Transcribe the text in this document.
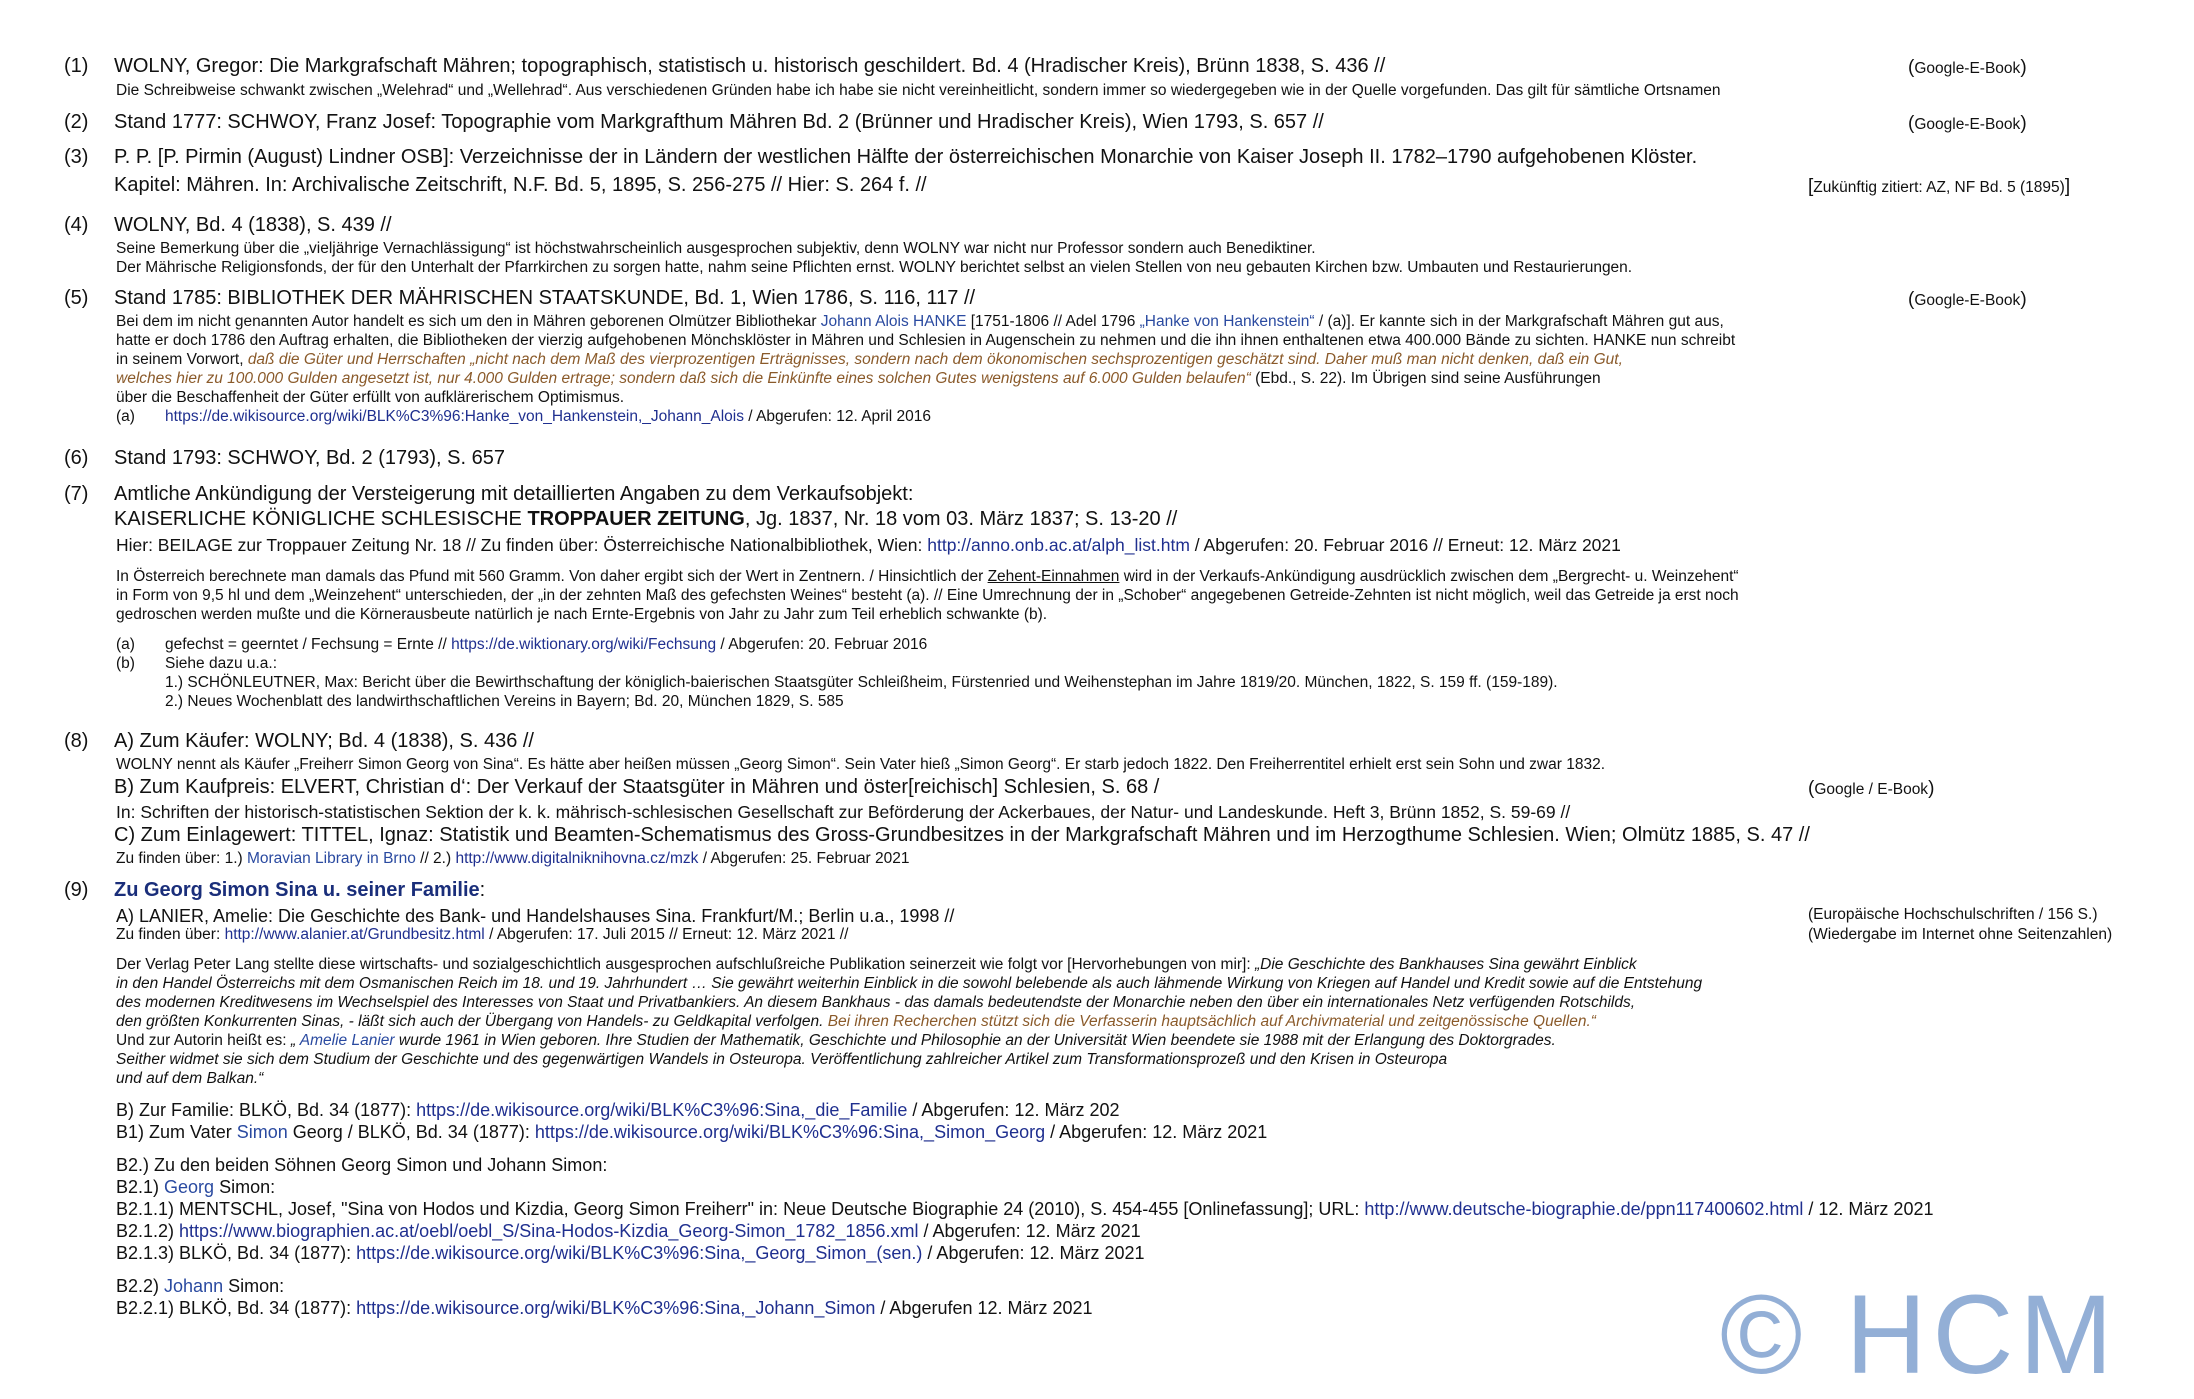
(1) WOLNY, Gregor: Die Markgrafschaft Mähren; topographisch, statistisch u. historisch geschildert. Bd. 4 (Hradischer Kreis), Brünn 1838, S. 436 //	(Google-E-Book)
Die Schreibweise schwankt zwischen „Welehrad“ und „Wellehrad“. Aus verschiedenen Gründen habe ich habe sie nicht vereinheitlicht, sondern immer so wiedergegeben wie in der Quelle vorgefunden. Das gilt für sämtliche Ortsnamen
(2) Stand 1777: SCHWOY, Franz Josef: Topographie vom Markgrafthum Mähren Bd. 2 (Brünner und Hradischer Kreis), Wien 1793, S. 657 //	(Google-E-Book)
(3) P. P. [P. Pirmin (August) Lindner OSB]: Verzeichnisse der in Ländern der westlichen Hälfte der österreichischen Monarchie von Kaiser Joseph II. 1782–1790 aufgehobenen Klöster.
Kapitel: Mähren. In: Archivalische Zeitschrift, N.F. Bd. 5, 1895, S. 256-275 // Hier: S. 264 f. //	[Zukünftig zitiert: AZ, NF Bd. 5 (1895)]
(4) WOLNY, Bd. 4 (1838), S. 439 //
Seine Bemerkung über die „vieljährige Vernachlässigung“ ist höchstwahrscheinlich ausgesprochen subjektiv, denn WOLNY war nicht nur Professor sondern auch Benediktiner.
Der Mährische Religionsfonds, der für den Unterhalt der Pfarrkirchen zu sorgen hatte, nahm seine Pflichten ernst. WOLNY berichtet selbst an vielen Stellen von neu gebauten Kirchen bzw. Umbauten und Restaurierungen.
(5) Stand 1785: BIBLIOTHEK DER MÄHRISCHEN STAATSKUNDE, Bd. 1, Wien 1786, S. 116, 117 //	(Google-E-Book)
Bei dem im nicht genannten Autor handelt es sich um den in Mähren geborenen Olmützer Bibliothekar Johann Alois HANKE [1751-1806 // Adel 1796 „Hanke von Hankenstein“ / (a)]. Er kannte sich in der Markgrafschaft Mähren gut aus,
hatte er doch 1786 den Auftrag erhalten, die Bibliotheken der vierzig aufgehobenen Mönchsklöster in Mähren und Schlesien in Augenschein zu nehmen und die ihn ihnen enthaltenen etwa 400.000 Bände zu sichten. HANKE nun schreibt
in seinem Vorwort, daß die Güter und Herrschaften „nicht nach dem Maß des vierprozentigen Erträgnisses, sondern nach dem ökonomischen sechsprozentigen geschätzt sind. Daher muß man nicht denken, daß ein Gut,
welches hier zu 100.000 Gulden angesetzt ist, nur 4.000 Gulden ertrage; sondern daß sich die Einkünfte eines solchen Gutes wenigstens auf 6.000 Gulden belaufen“ (Ebd., S. 22). Im Übrigen sind seine Ausführungen
über die Beschaffenheit der Güter erfüllt von aufklärerischem Optimismus.
(a) https://de.wikisource.org/wiki/BLK%C3%96:Hanke_von_Hankenstein,_Johann_Alois / Abgerufen: 12. April 2016
(6) Stand 1793: SCHWOY, Bd. 2 (1793), S. 657
(7) Amtliche Ankündigung der Versteigerung mit detaillierten Angaben zu dem Verkaufsobjekt:
KAISERLICHE KÖNIGLICHE SCHLESISCHE TROPPAUER ZEITUNG, Jg. 1837, Nr. 18 vom 03. März 1837; S. 13-20 //
Hier: BEILAGE zur Troppauer Zeitung Nr. 18 // Zu finden über: Österreichische Nationalbibliothek, Wien: http://anno.onb.ac.at/alph_list.htm / Abgerufen: 20. Februar 2016 // Erneut: 12. März 2021
In Österreich berechnete man damals das Pfund mit 560 Gramm. Von daher ergibt sich der Wert in Zentnern. / Hinsichtlich der Zehent-Einnahmen wird in der Verkaufs-Ankündigung ausdrücklich zwischen dem „Bergrecht- u. Weinzehent“
in Form von 9,5 hl und dem „Weinzehent“ unterschieden, der „in der zehnten Maß des gefechsten Weines“ besteht (a). // Eine Umrechnung der in „Schober“ angegebenen Getreide-Zehnten ist nicht möglich, weil das Getreide ja erst noch
gedroschen werden mußte und die Körnerausbeute natürlich je nach Ernte-Ergebnis von Jahr zu Jahr zum Teil erheblich schwankte (b).
(a) gefechst = geerntet / Fechsung = Ernte // https://de.wiktionary.org/wiki/Fechsung / Abgerufen: 20. Februar 2016
(b) Siehe dazu u.a.:
1.) SCHÖNLEUTNER, Max: Bericht über die Bewirthschaftung der königlich-baierischen Staatsgüter Schleißheim, Fürstenried und Weihenstephan im Jahre 1819/20. München, 1822, S. 159 ff. (159-189).
2.) Neues Wochenblatt des landwirthschaftlichen Vereins in Bayern; Bd. 20, München 1829, S. 585
(8) A) Zum Käufer: WOLNY; Bd. 4 (1838), S. 436 //
WOLNY nennt als Käufer „Freiherr Simon Georg von Sina“. Es hätte aber heißen müssen „Georg Simon“. Sein Vater hieß „Simon Georg“. Er starb jedoch 1822. Den Freiherrentitel erhielt erst sein Sohn und zwar 1832.
B) Zum Kaufpreis: ELVERT, Christian d‘: Der Verkauf der Staatsgüter in Mähren und öster[reichisch] Schlesien, S. 68 /	(Google / E-Book)
In: Schriften der historisch-statistischen Sektion der k. k. mährisch-schlesischen Gesellschaft zur Beförderung der Ackerbaues, der Natur- und Landeskunde. Heft 3, Brünn 1852, S. 59-69 //
C) Zum Einlagewert: TITTEL, Ignaz: Statistik und Beamten-Schematismus des Gross-Grundbesitzes in der Markgrafschaft Mähren und im Herzogthume Schlesien. Wien; Olmütz 1885, S. 47 //
Zu finden über: 1.) Moravian Library in Brno // 2.) http://www.digitalniknihovna.cz/mzk / Abgerufen: 25. Februar 2021
(9) Zu Georg Simon Sina u. seiner Familie:
A) LANIER, Amelie: Die Geschichte des Bank- und Handelshauses Sina. Frankfurt/M.; Berlin u.a., 1998 //	(Europäische Hochschulschriften / 156 S.)
(Wiedergabe im Internet ohne Seitenzahlen)
Zu finden über: http://www.alanier.at/Grundbesitz.html / Abgerufen: 17. Juli 2015 // Erneut: 12. März 2021 //
Der Verlag Peter Lang stellte diese wirtschafts- und sozialgeschichtlich ausgesprochen aufschlußreiche Publikation seinerzeit wie folgt vor [Hervorhebungen von mir]: „Die Geschichte des Bankhauses Sina gewährt Einblick
in den Handel Österreichs mit dem Osmanischen Reich im 18. und 19. Jahrhundert … Sie gewährt weiterhin Einblick in die sowohl belebende als auch lähmende Wirkung von Kriegen auf Handel und Kredit sowie auf die Entstehung
des modernen Kreditwesens im Wechselspiel des Interesses von Staat und Privatbankiers. An diesem Bankhaus - das damals bedeutendste der Monarchie neben den über ein internationales Netz verfügenden Rotschilds,
den größten Konkurrenten Sinas, - läßt sich auch der Übergang von Handels- zu Geldkapital verfolgen. Bei ihren Recherchen stützt sich die Verfasserin hauptsächlich auf Archivmaterial und zeitgenössische Quellen.“
Und zur Autorin heißt es: „ Amelie Lanier wurde 1961 in Wien geboren. Ihre Studien der Mathematik, Geschichte und Philosophie an der Universität Wien beendete sie 1988 mit der Erlangung des Doktorgrades.
Seither widmet sie sich dem Studium der Geschichte und des gegenwärtigen Wandels in Osteuropa. Veröffentlichung zahlreicher Artikel zum Transformationsprozeß und den Krisen in Osteuropa
und auf dem Balkan.“
B) Zur Familie: BLKÖ, Bd. 34 (1877): https://de.wikisource.org/wiki/BLK%C3%96:Sina,_die_Familie / Abgerufen: 12. März 202
B1) Zum Vater Simon Georg / BLKÖ, Bd. 34 (1877): https://de.wikisource.org/wiki/BLK%C3%96:Sina,_Simon_Georg / Abgerufen: 12. März 2021
B2.) Zu den beiden Söhnen Georg Simon und Johann Simon:
B2.1) Georg Simon:
B2.1.1) MENTSCHL, Josef, "Sina von Hodos und Kizdia, Georg Simon Freiherr" in: Neue Deutsche Biographie 24 (2010), S. 454-455 [Onlinefassung]; URL: http://www.deutsche-biographie.de/ppn117400602.html / 12. März 2021
B2.1.2) https://www.biographien.ac.at/oebl/oebl_S/Sina-Hodos-Kizdia_Georg-Simon_1782_1856.xml / Abgerufen: 12. März 2021
B2.1.3) BLKÖ, Bd. 34 (1877): https://de.wikisource.org/wiki/BLK%C3%96:Sina,_Georg_Simon_(sen.) / Abgerufen: 12. März 2021
B2.2) Johann Simon:
B2.2.1) BLKÖ, Bd. 34 (1877): https://de.wikisource.org/wiki/BLK%C3%96:Sina,_Johann_Simon / Abgerufen 12. März 2021	© HCM
